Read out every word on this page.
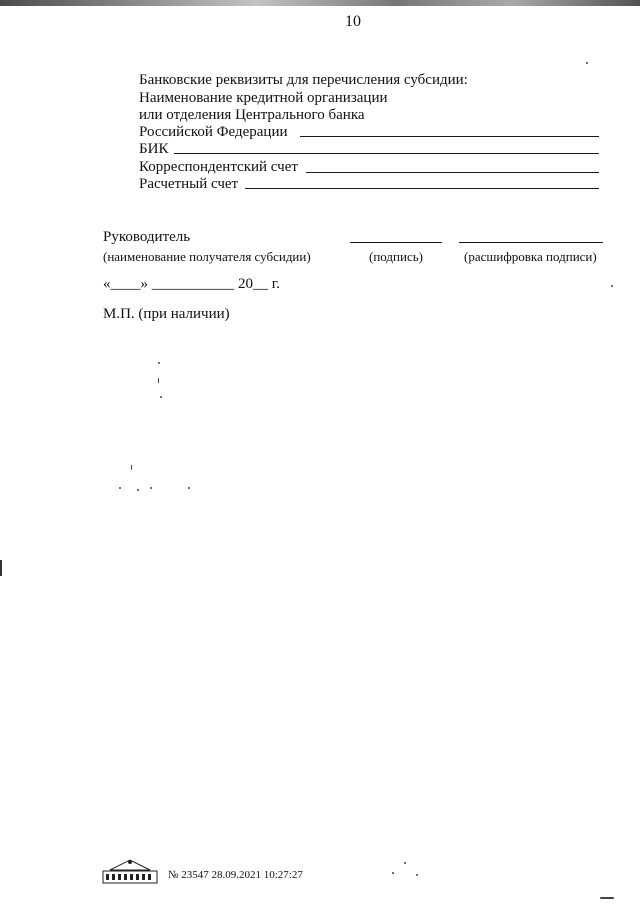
10
Банковские реквизиты для перечисления субсидии:
Наименование кредитной организации
или отделения Центрального банка
Российской Федерации
БИК
Корреспондентский счет
Расчетный счет
Руководитель
(наименование получателя субсидии)	(подпись)	(расшифровка подписи)
«____» ___________ 20__ г.
М.П. (при наличии)
№ 23547 28.09.2021 10:27:27
